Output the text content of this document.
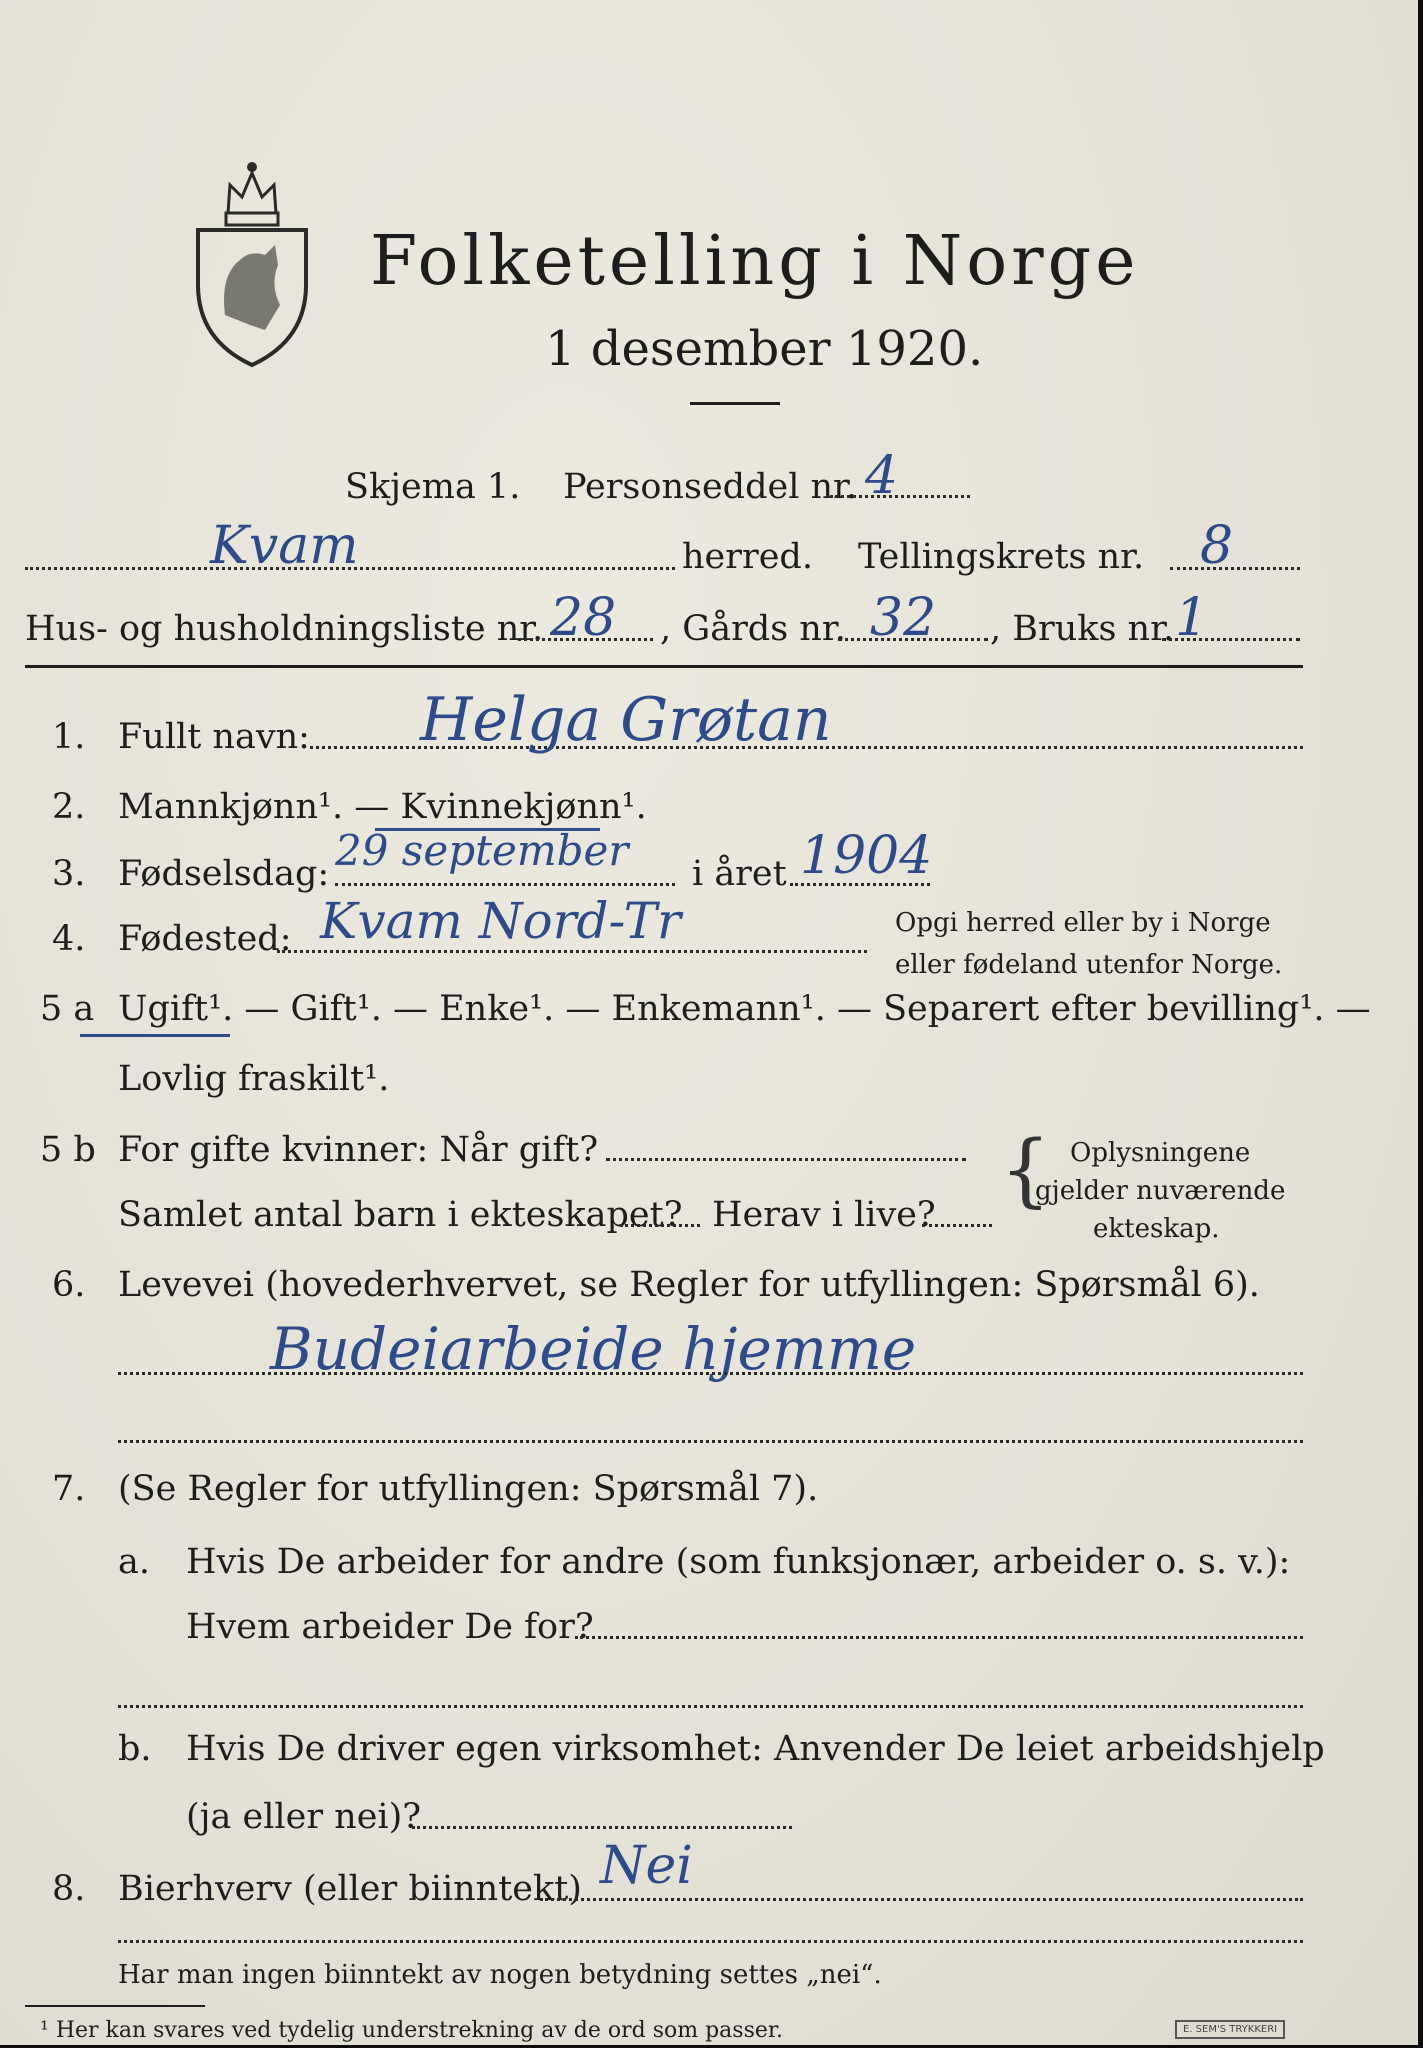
Folketelling i Norge
1 desember 1920.
Skjema 1. Personseddel nr. 4
Kvam	herred. Tellingskrets nr. 8
Hus- og husholdningsliste nr. 28 , Gårds nr. 32 , Bruks nr. 1
1. Fullt navn: Helga Grøtan
2. Mannkjønn¹. — Kvinnekjønn¹.
3. Fødselsdag: 29 september i året 1904
4. Fødested: Kvam Nord-Tr	Opgi herred eller by i Norge
eller fødeland utenfor Norge.
5 a Ugift¹. — Gift¹. — Enke¹. — Enkemann¹. — Separert efter bevilling¹. —
Lovlig fraskilt¹.
5 b For gifte kvinner: Når gift?
Samlet antal barn i ekteskapet? Herav i live? { Oplysningene
gjelder nuværende
ekteskap.
6. Levevei (hovederhvervet, se Regler for utfyllingen: Spørsmål 6).
Budeiarbeide hjemme
7. (Se Regler for utfyllingen: Spørsmål 7).
a. Hvis De arbeider for andre (som funksjonær, arbeider o. s. v.):
Hvem arbeider De for?
b. Hvis De driver egen virksomhet: Anvender De leiet arbeidshjelp
(ja eller nei)?
8. Bierhverv (eller biinntekt) Nei
Har man ingen biinntekt av nogen betydning settes „nei“.
¹ Her kan svares ved tydelig understrekning av de ord som passer.	E. SEM'S TRYKKERI
